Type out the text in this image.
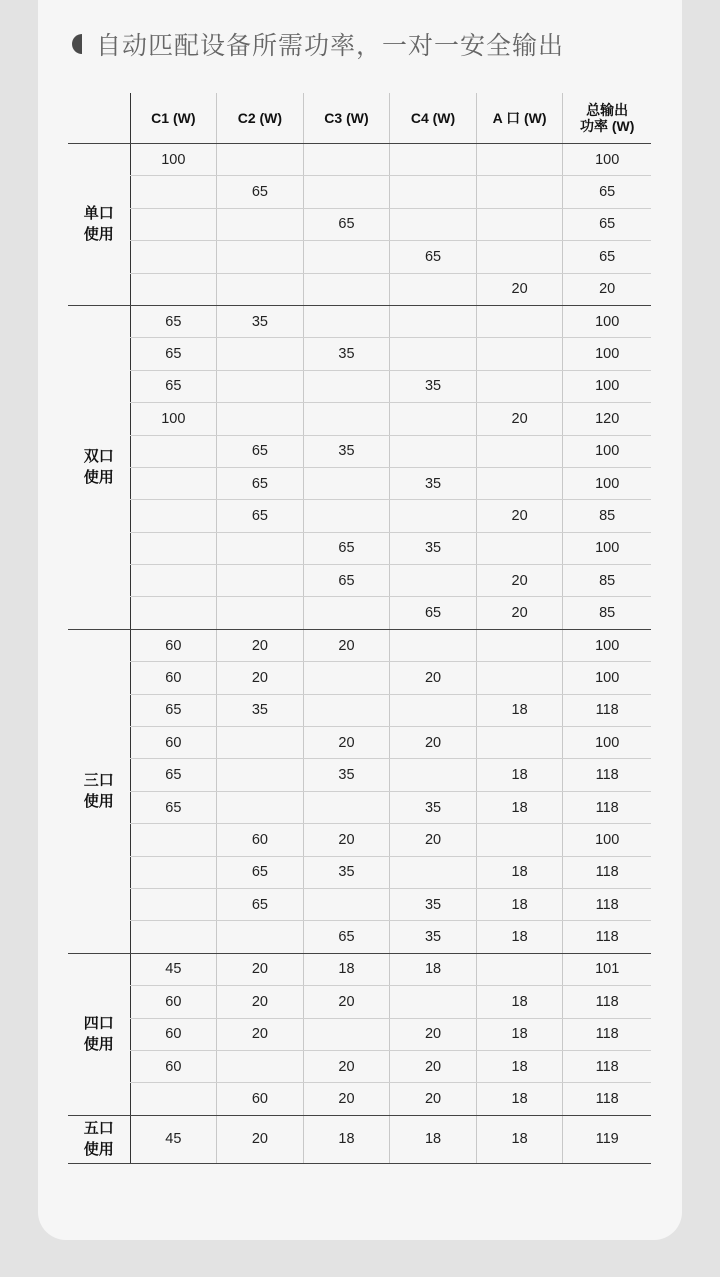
自动匹配设备所需功率，一对一安全输出
	C1 (W)	C2 (W)	C3 (W)	C4 (W)	A 口 (W)	总输出
功率 (W)
单口
使用	100					100
		65				65
			65			65
				65		65
					20	20
双口
使用	65	35				100
	65		35			100
	65			35		100
	100				20	120
		65	35			100
		65		35		100
		65			20	85
			65	35		100
			65		20	85
				65	20	85
三口
使用	60	20	20			100
	60	20		20		100
	65	35			18	118
	60		20	20		100
	65		35		18	118
	65			35	18	118
		60	20	20		100
		65	35		18	118
		65		35	18	118
			65	35	18	118
四口
使用	45	20	18	18		101
	60	20	20		18	118
	60	20		20	18	118
	60		20	20	18	118
		60	20	20	18	118
五口
使用	45	20	18	18	18	119
